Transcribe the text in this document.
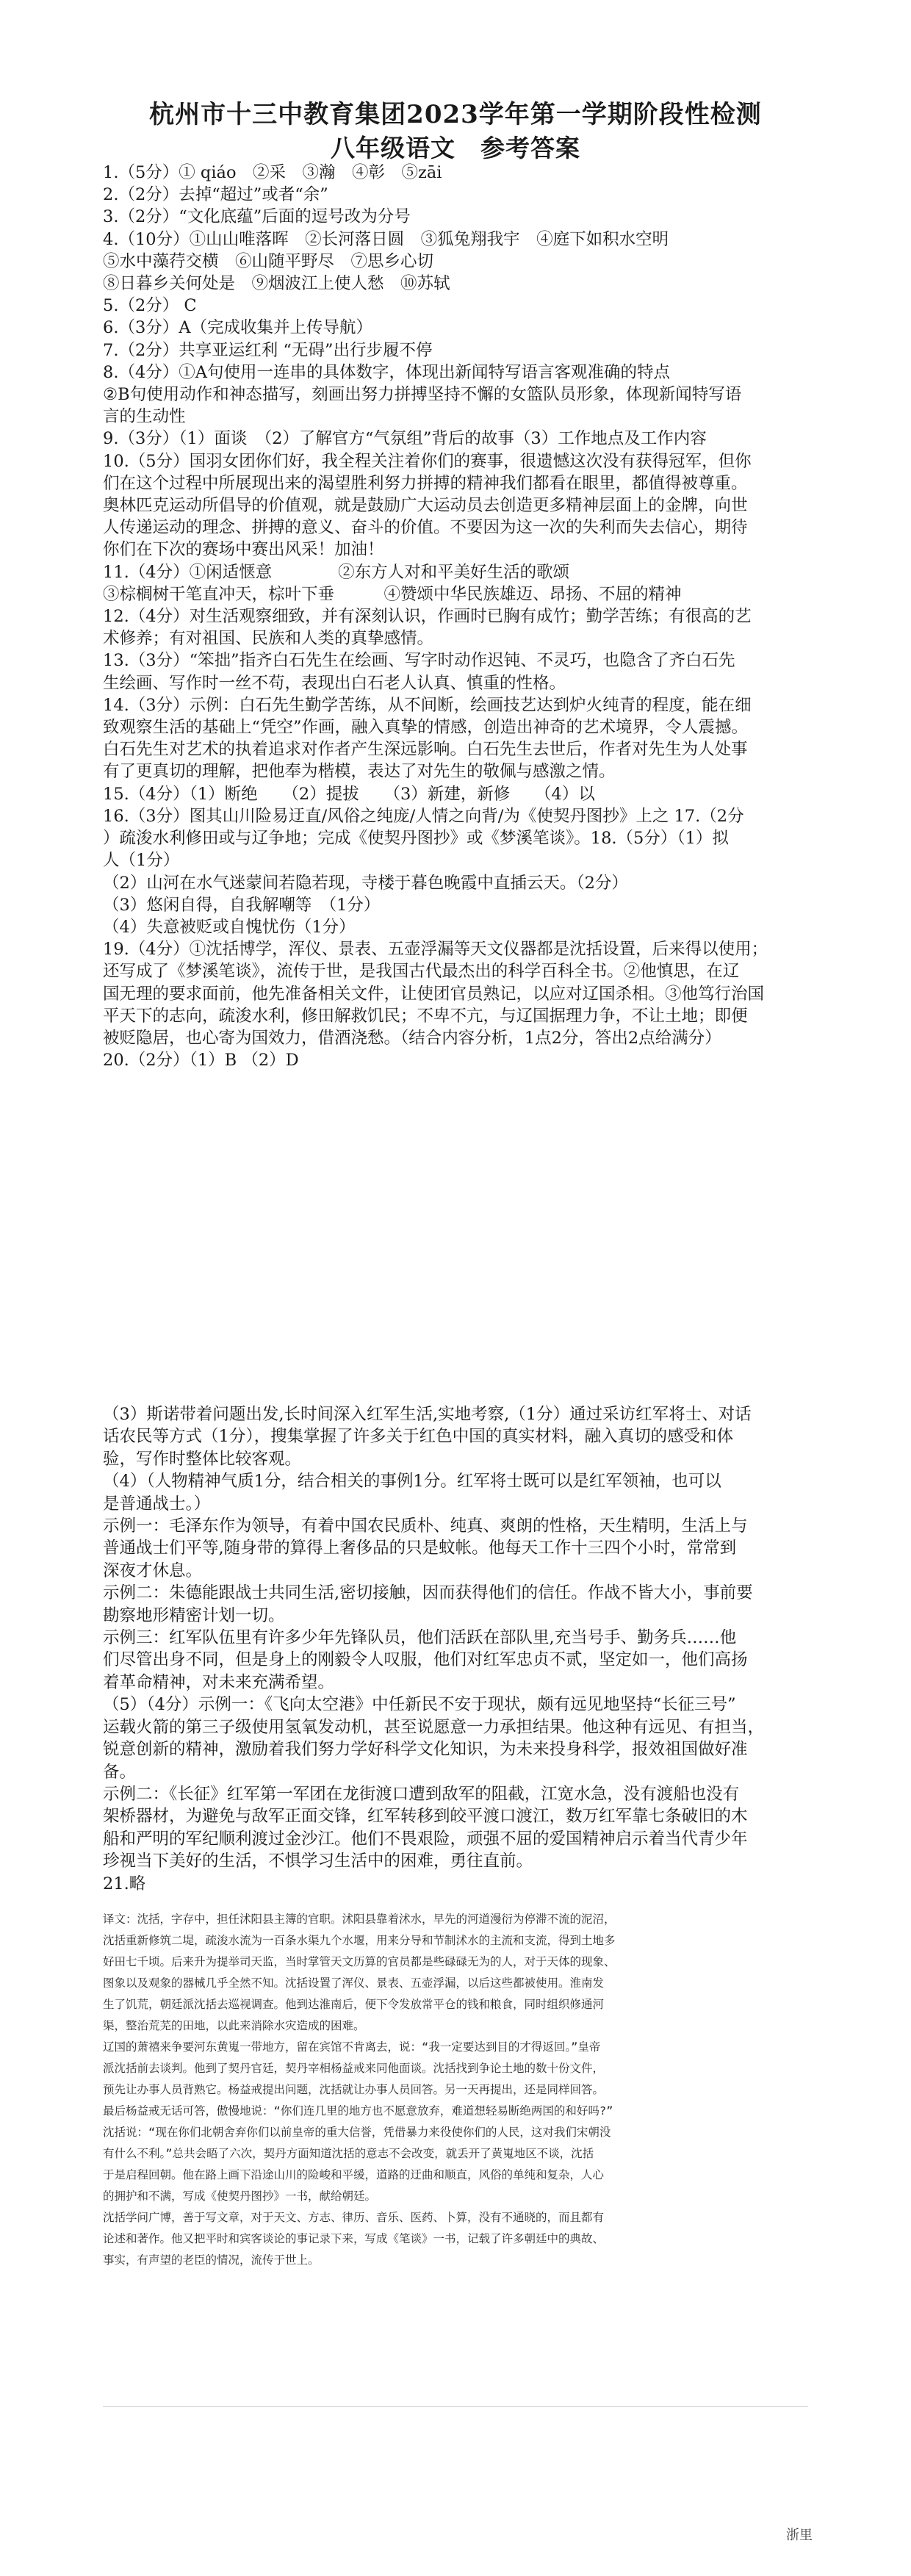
杭州市十三中教育集团2023学年第一学期阶段性检测
八年级语文　参考答案
1.（5分）① qiáo　②采　③瀚　④彰　⑤zāi
2.（2分）去掉“超过”或者“余”
3.（2分）“文化底蕴”后面的逗号改为分号
4.（10分）①山山唯落晖　②长河落日圆　③狐兔翔我宇　④庭下如积水空明
⑤水中藻荇交横　⑥山随平野尽　⑦思乡心切
⑧日暮乡关何处是　⑨烟波江上使人愁　⑩苏轼
5.（2分） C
6.（3分）A（完成收集并上传导航）
7.（2分）共享亚运红利 “无碍”出行步履不停
8.（4分）①A句使用一连串的具体数字，体现出新闻特写语言客观准确的特点
②B句使用动作和神态描写，刻画出努力拼搏坚持不懈的女篮队员形象，体现新闻特写语
言的生动性
9.（3分）（1）面谈　（2）了解官方“气氛组”背后的故事（3）工作地点及工作内容
10.（5分）国羽女团你们好，我全程关注着你们的赛事，很遗憾这次没有获得冠军，但你
们在这个过程中所展现出来的渴望胜利努力拼搏的精神我们都看在眼里，都值得被尊重。
奥林匹克运动所倡导的价值观，就是鼓励广大运动员去创造更多精神层面上的金牌，向世
人传递运动的理念、拼搏的意义、奋斗的价值。不要因为这一次的失利而失去信心，期待
你们在下次的赛场中赛出风采！加油！
11.（4分）①闲适惬意　　　　②东方人对和平美好生活的歌颂
③棕榈树干笔直冲天，棕叶下垂　　　④赞颂中华民族雄迈、昂扬、不屈的精神
12.（4分）对生活观察细致，并有深刻认识，作画时已胸有成竹；勤学苦练；有很高的艺
术修养；有对祖国、民族和人类的真挚感情。
13.（3分）“笨拙”指齐白石先生在绘画、写字时动作迟钝、不灵巧，也隐含了齐白石先
生绘画、写作时一丝不苟，表现出白石老人认真、慎重的性格。
14.（3分）示例：白石先生勤学苦练，从不间断，绘画技艺达到炉火纯青的程度，能在细
致观察生活的基础上“凭空”作画，融入真挚的情感，创造出神奇的艺术境界，令人震撼。
白石先生对艺术的执着追求对作者产生深远影响。白石先生去世后，作者对先生为人处事
有了更真切的理解，把他奉为楷模，表达了对先生的敬佩与感激之情。
15.（4分）（1）断绝　　（2）提拔　　（3）新建，新修　　（4）以
16.（3分）图其山川险易迂直/风俗之纯庞/人情之向背/为《使契丹图抄》上之 17.（2分
）疏浚水利修田或与辽争地；完成《使契丹图抄》或《梦溪笔谈》。18.（5分）（1）拟
人（1分）
（2）山河在水气迷蒙间若隐若现，寺楼于暮色晚霞中直插云天。（2分）
（3）悠闲自得，自我解嘲等　（1分）
（4）失意被贬或自愧忧伤（1分）
19.（4分）①沈括博学，浑仪、景表、五壶浮漏等天文仪器都是沈括设置，后来得以使用；
还写成了《梦溪笔谈》，流传于世，是我国古代最杰出的科学百科全书。②他慎思，在辽
国无理的要求面前，他先准备相关文件，让使团官员熟记，以应对辽国杀相。③他笃行治国
平天下的志向，疏浚水利，修田解救饥民；不卑不亢，与辽国据理力争，不让土地；即便
被贬隐居，也心寄为国效力，借酒浇愁。（结合内容分析，1点2分，答出2点给满分）
20.（2分）（1）B （2）D
（3）斯诺带着问题出发,长时间深入红军生活,实地考察,（1分）通过采访红军将士、对话
话农民等方式（1分），搜集掌握了许多关于红色中国的真实材料，融入真切的感受和体
验，写作时整体比较客观。
（4）（人物精神气质1分，结合相关的事例1分。红军将士既可以是红军领袖，也可以
是普通战士。）
示例一：毛泽东作为领导，有着中国农民质朴、纯真、爽朗的性格，天生精明，生活上与
普通战士们平等,随身带的算得上奢侈品的只是蚊帐。他每天工作十三四个小时，常常到
深夜才休息。
示例二：朱德能跟战士共同生活,密切接触，因而获得他们的信任。作战不皆大小，事前要
勘察地形精密计划一切。
示例三：红军队伍里有许多少年先锋队员，他们活跃在部队里,充当号手、勤务兵……他
们尽管出身不同，但是身上的刚毅令人叹服，他们对红军忠贞不贰，坚定如一，他们高扬
着革命精神，对未来充满希望。
（5）（4分）示例一：《飞向太空港》中任新民不安于现状，颇有远见地坚持“长征三号”
运载火箭的第三子级使用氢氧发动机，甚至说愿意一力承担结果。他这种有远见、有担当，
锐意创新的精神，激励着我们努力学好科学文化知识，为未来投身科学，报效祖国做好准
备。
示例二：《长征》红军第一军团在龙街渡口遭到敌军的阻截，江宽水急，没有渡船也没有
架桥器材，为避免与敌军正面交锋，红军转移到皎平渡口渡江，数万红军靠七条破旧的木
船和严明的军纪顺利渡过金沙江。他们不畏艰险，顽强不屈的爱国精神启示着当代青少年
珍视当下美好的生活，不惧学习生活中的困难，勇往直前。
21.略
译文：沈括，字存中，担任沭阳县主簿的官职。沭阳县靠着沭水，早先的河道漫衍为停滞不流的泥沼，
沈括重新修筑二堤，疏浚水流为一百条水渠九个水堰，用来分导和节制沭水的主流和支流，得到土地多
好田七千顷。后来升为提举司天监，当时掌管天文历算的官员都是些碌碌无为的人，对于天体的现象、
图象以及观象的器械几乎全然不知。沈括设置了浑仪、景表、五壶浮漏，以后这些都被使用。淮南发
生了饥荒，朝廷派沈括去巡视调查。他到达淮南后，便下令发放常平仓的钱和粮食，同时组织修通河
渠，整治荒芜的田地，以此来消除水灾造成的困难。
辽国的萧禧来争要河东黄嵬一带地方，留在宾馆不肯离去，说：“我一定要达到目的才得返回。”皇帝
派沈括前去谈判。他到了契丹官廷，契丹宰相杨益戒来同他面谈。沈括找到争论土地的数十份文件，
预先让办事人员背熟它。杨益戒提出问题，沈括就让办事人员回答。另一天再提出，还是同样回答。
最后杨益戒无话可答，傲慢地说：“你们连几里的地方也不愿意放弃，难道想轻易断绝两国的和好吗?”
沈括说：“现在你们北朝舍弃你们以前皇帝的重大信誉，凭借暴力来役使你们的人民，这对我们宋朝没
有什么不利。”总共会晤了六次，契丹方面知道沈括的意志不会改变，就丢开了黄嵬地区不谈，沈括
于是启程回朝。他在路上画下沿途山川的险峻和平缓，道路的迂曲和顺直，风俗的单纯和复杂，人心
的拥护和不满，写成《使契丹图抄》一书，献给朝廷。
沈括学问广博，善于写文章，对于天文、方志、律历、音乐、医药、卜算，没有不通晓的，而且都有
论述和著作。他又把平时和宾客谈论的事记录下来，写成《笔谈》一书，记载了许多朝廷中的典故、
事实，有声望的老臣的情况，流传于世上。
浙里
